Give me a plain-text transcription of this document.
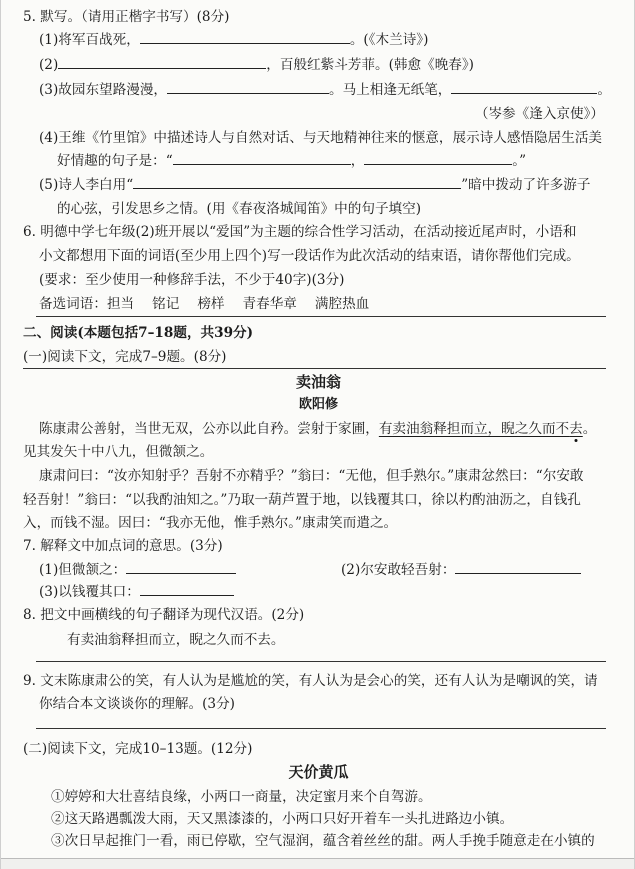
5. 默写。（请用正楷字书写）(8分)
(1)将军百战死，	。(《木兰诗》)
(2)	，百般红紫斗芳菲。(韩愈《晚春》)
(3)故园东望路漫漫，	。马上相逢无纸笔，	。
（岑参《逢入京使》）
(4)王维《竹里馆》中描述诗人与自然对话、与天地精神往来的惬意，展示诗人感悟隐居生活美
好情趣的句子是：“	，	。”
(5)诗人李白用“	”暗中拨动了许多游子
的心弦，引发思乡之情。(用《春夜洛城闻笛》中的句子填空)
6. 明德中学七年级(2)班开展以“爱国”为主题的综合性学习活动，在活动接近尾声时，小语和
小文都想用下面的词语(至少用上四个)写一段话作为此次活动的结束语，请你帮他们完成。
(要求：至少使用一种修辞手法，不少于40字)(3分)
备选词语：担当 铭记 榜样 青春华章 满腔热血
二、阅读(本题包括7–18题，共39分)
(一)阅读下文，完成7–9题。(8分)
卖油翁
欧阳修
陈康肃公善射，当世无双，公亦以此自矜。尝射于家圃，有卖油翁释担而立，睨之久而不去。
见其发矢十中八九，但微颔之。
康肃问曰：“汝亦知射乎？吾射不亦精乎？”翁曰：“无他，但手熟尔。”康肃忿然曰：“尔安敢
轻吾射！”翁曰：“以我酌油知之。”乃取一葫芦置于地，以钱覆其口，徐以杓酌油沥之，自钱孔
入，而钱不湿。因曰：“我亦无他，惟手熟尔。”康肃笑而遣之。
7. 解释文中加点词的意思。(3分)
(1)但微颔之：	(2)尔安敢轻吾射：
(3)以钱覆其口：
8. 把文中画横线的句子翻译为现代汉语。(2分)
有卖油翁释担而立，睨之久而不去。
9. 文末陈康肃公的笑，有人认为是尴尬的笑，有人认为是会心的笑，还有人认为是嘲讽的笑，请
你结合本文谈谈你的理解。(3分)
(二)阅读下文，完成10–13题。(12分)
天价黄瓜
①婷婷和大壮喜结良缘，小两口一商量，决定蜜月来个自驾游。
②这天路遇瓢泼大雨，天又黑漆漆的，小两口只好开着车一头扎进路边小镇。
③次日早起推门一看，雨已停歇，空气湿润，蕴含着丝丝的甜。两人手挽手随意走在小镇的
